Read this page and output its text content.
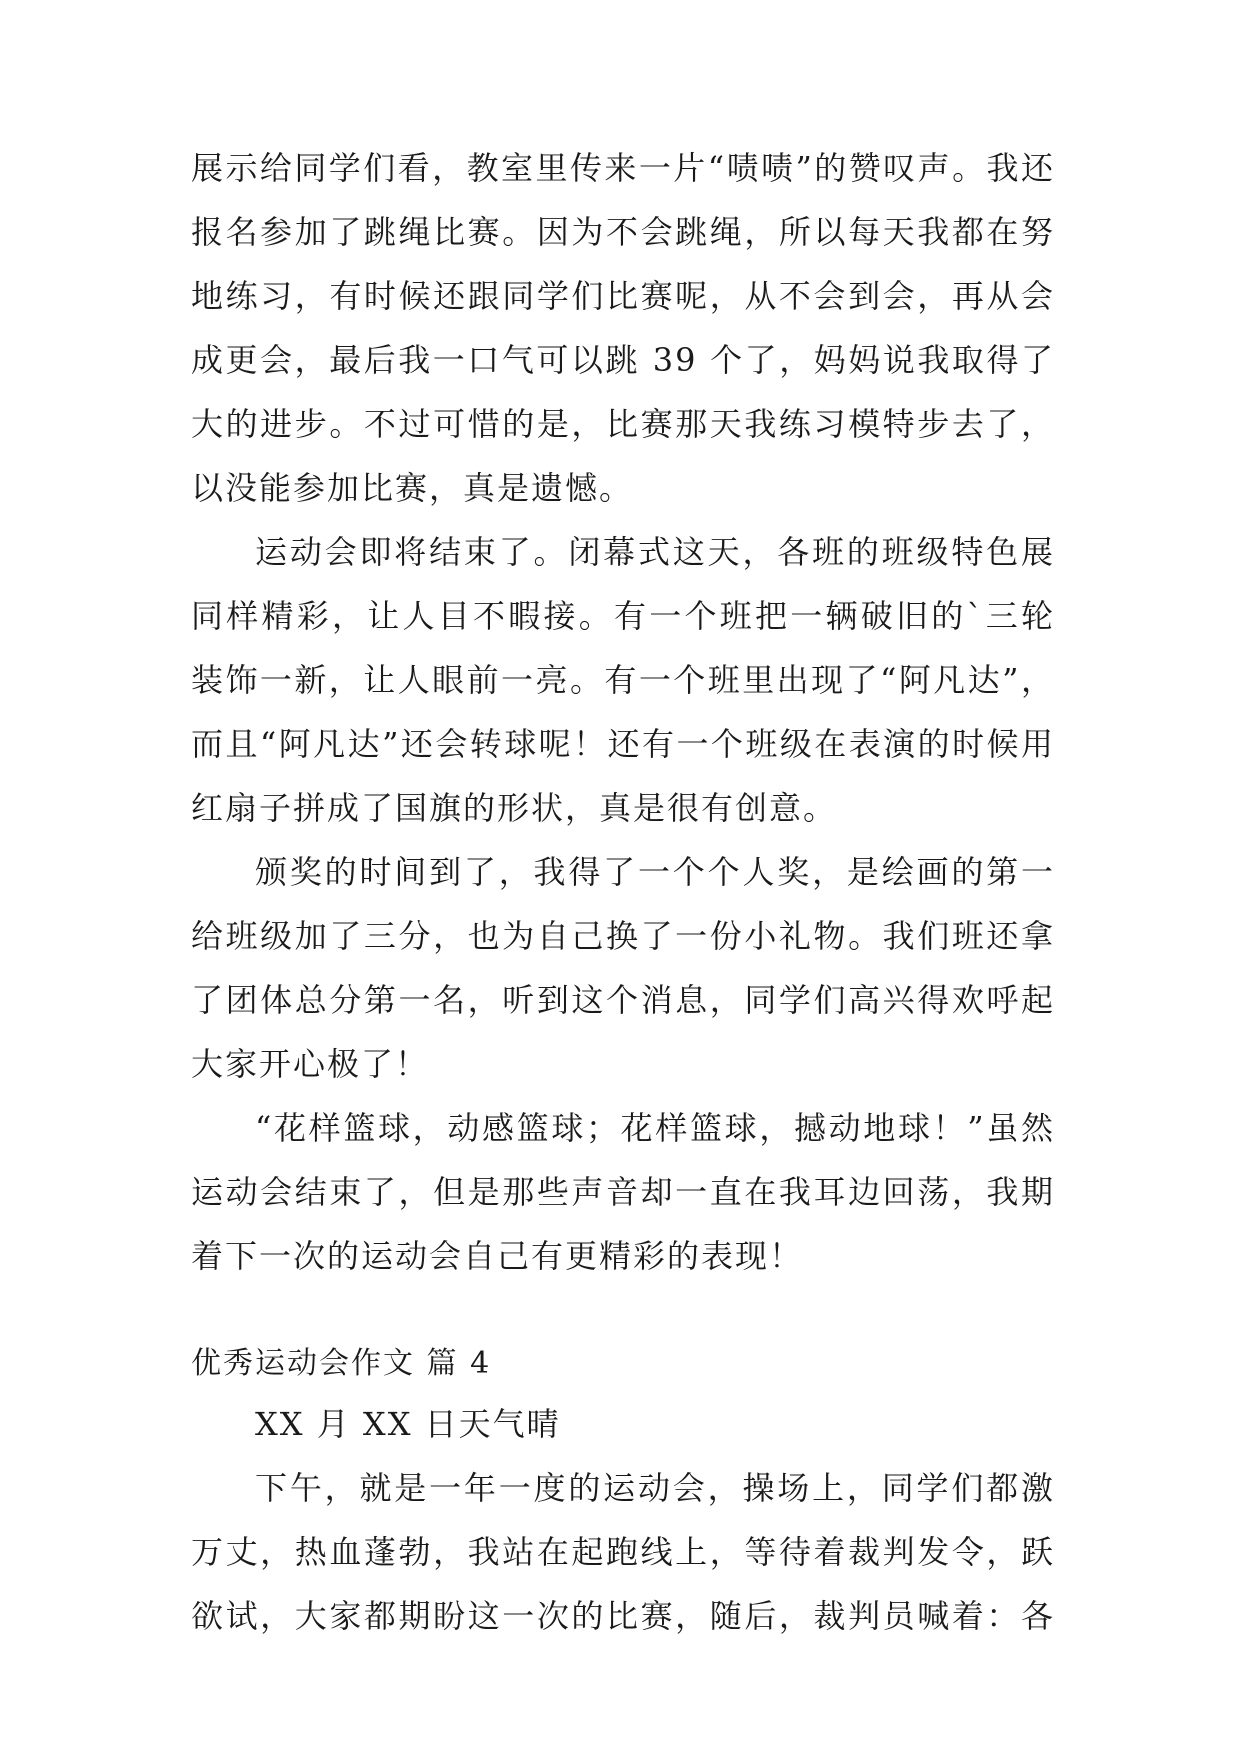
展示给同学们看，教室里传来一片“啧啧”的赞叹声。我还
报名参加了跳绳比赛。因为不会跳绳，所以每天我都在努
地练习，有时候还跟同学们比赛呢，从不会到会，再从会
成更会，最后我一口气可以跳 39 个了，妈妈说我取得了
大的进步。不过可惜的是，比赛那天我练习模特步去了，
以没能参加比赛，真是遗憾。
运动会即将结束了。闭幕式这天，各班的班级特色展
同样精彩，让人目不暇接。有一个班把一辆破旧的`三轮
装饰一新，让人眼前一亮。有一个班里出现了“阿凡达”，
而且“阿凡达”还会转球呢！还有一个班级在表演的时候用
红扇子拼成了国旗的形状，真是很有创意。
颁奖的时间到了，我得了一个个人奖，是绘画的第一
给班级加了三分，也为自己换了一份小礼物。我们班还拿
了团体总分第一名，听到这个消息，同学们高兴得欢呼起
大家开心极了！
“花样篮球，动感篮球；花样篮球，撼动地球！”虽然
运动会结束了，但是那些声音却一直在我耳边回荡，我期
着下一次的运动会自己有更精彩的表现！
优秀运动会作文 篇 4
XX 月 XX 日天气晴
下午，就是一年一度的运动会，操场上，同学们都激
万丈，热血蓬勃，我站在起跑线上，等待着裁判发令，跃
欲试，大家都期盼这一次的比赛，随后，裁判员喊着：各
